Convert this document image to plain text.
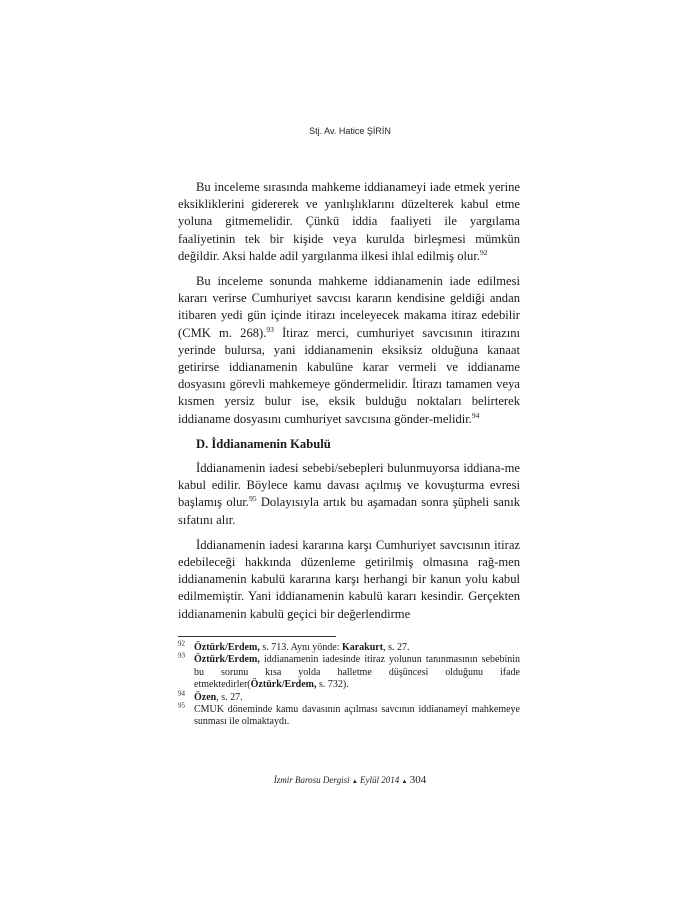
Stj. Av. Hatice ŞİRİN

Bu inceleme sırasında mahkeme iddianameyi iade etmek yerine eksikliklerini gidererek ve yanlışlıklarını düzelterek kabul etme yoluna gitmemelidir. Çünkü iddia faaliyeti ile yargılama faaliyetinin tek bir kişide veya kurulda birleşmesi mümkün değildir. Aksi halde adil yargılanma ilkesi ihlal edilmiş olur.$^{92}$

Bu inceleme sonunda mahkeme iddianamenin iade edilmesi kararı verirse Cumhuriyet savcısı kararın kendisine geldiği andan itibaren yedi gün içinde itirazı inceleyecek makama itiraz edebilir (CMK m. 268).$^{93}$ İtiraz merci, cumhuriyet savcısının itirazını yerinde bulursa, yani iddianamenin eksiksiz olduğuna kanaat getirirse iddianamenin kabulüne karar vermeli ve iddianame dosyasını görevli mahkemeye göndermelidir. İtirazı tamamen veya kısmen yersiz bulur ise, eksik bulduğu noktaları belirterek iddianame dosyasını cumhuriyet savcısına gönder-melidir.$^{94}$

D. İddianamenin Kabulü

İddianamenin iadesi sebebi/sebepleri bulunmuyorsa iddiana-me kabul edilir. Böylece kamu davası açılmış ve kovuşturma evresi başlamış olur.$^{95}$ Dolayısıyla artık bu aşamadan sonra şüpheli sanık sıfatını alır.

İddianamenin iadesi kararına karşı Cumhuriyet savcısının itiraz edebileceği hakkında düzenleme getirilmiş olmasına rağ-men iddianamenin kabulü kararına karşı herhangi bir kanun yolu kabul edilmemiştir. Yani iddianamenin kabulü kararı kesindir. Gerçekten iddianamenin kabulü geçici bir değerlendirme

$^{92}$ Öztürk/Erdem, s. 713. Aynı yönde: Karakurt, s. 27.

$^{93}$ Öztürk/Erdem, iddianamenin iadesinde itiraz yolunun tanınmasının sebebinin bu sorunu kısa yolda halletme düşüncesi olduğunu ifade etmektedirler(Öztürk/Erdem, s. 732).

$^{94}$ Özen, s. 27.

$^{95}$ CMUK döneminde kamu davasının açılması savcının iddianameyi mahkemeye sunması ile olmaktaydı.

İzmir Barosu Dergisi ▲ Eylül 2014 ▲ 304
